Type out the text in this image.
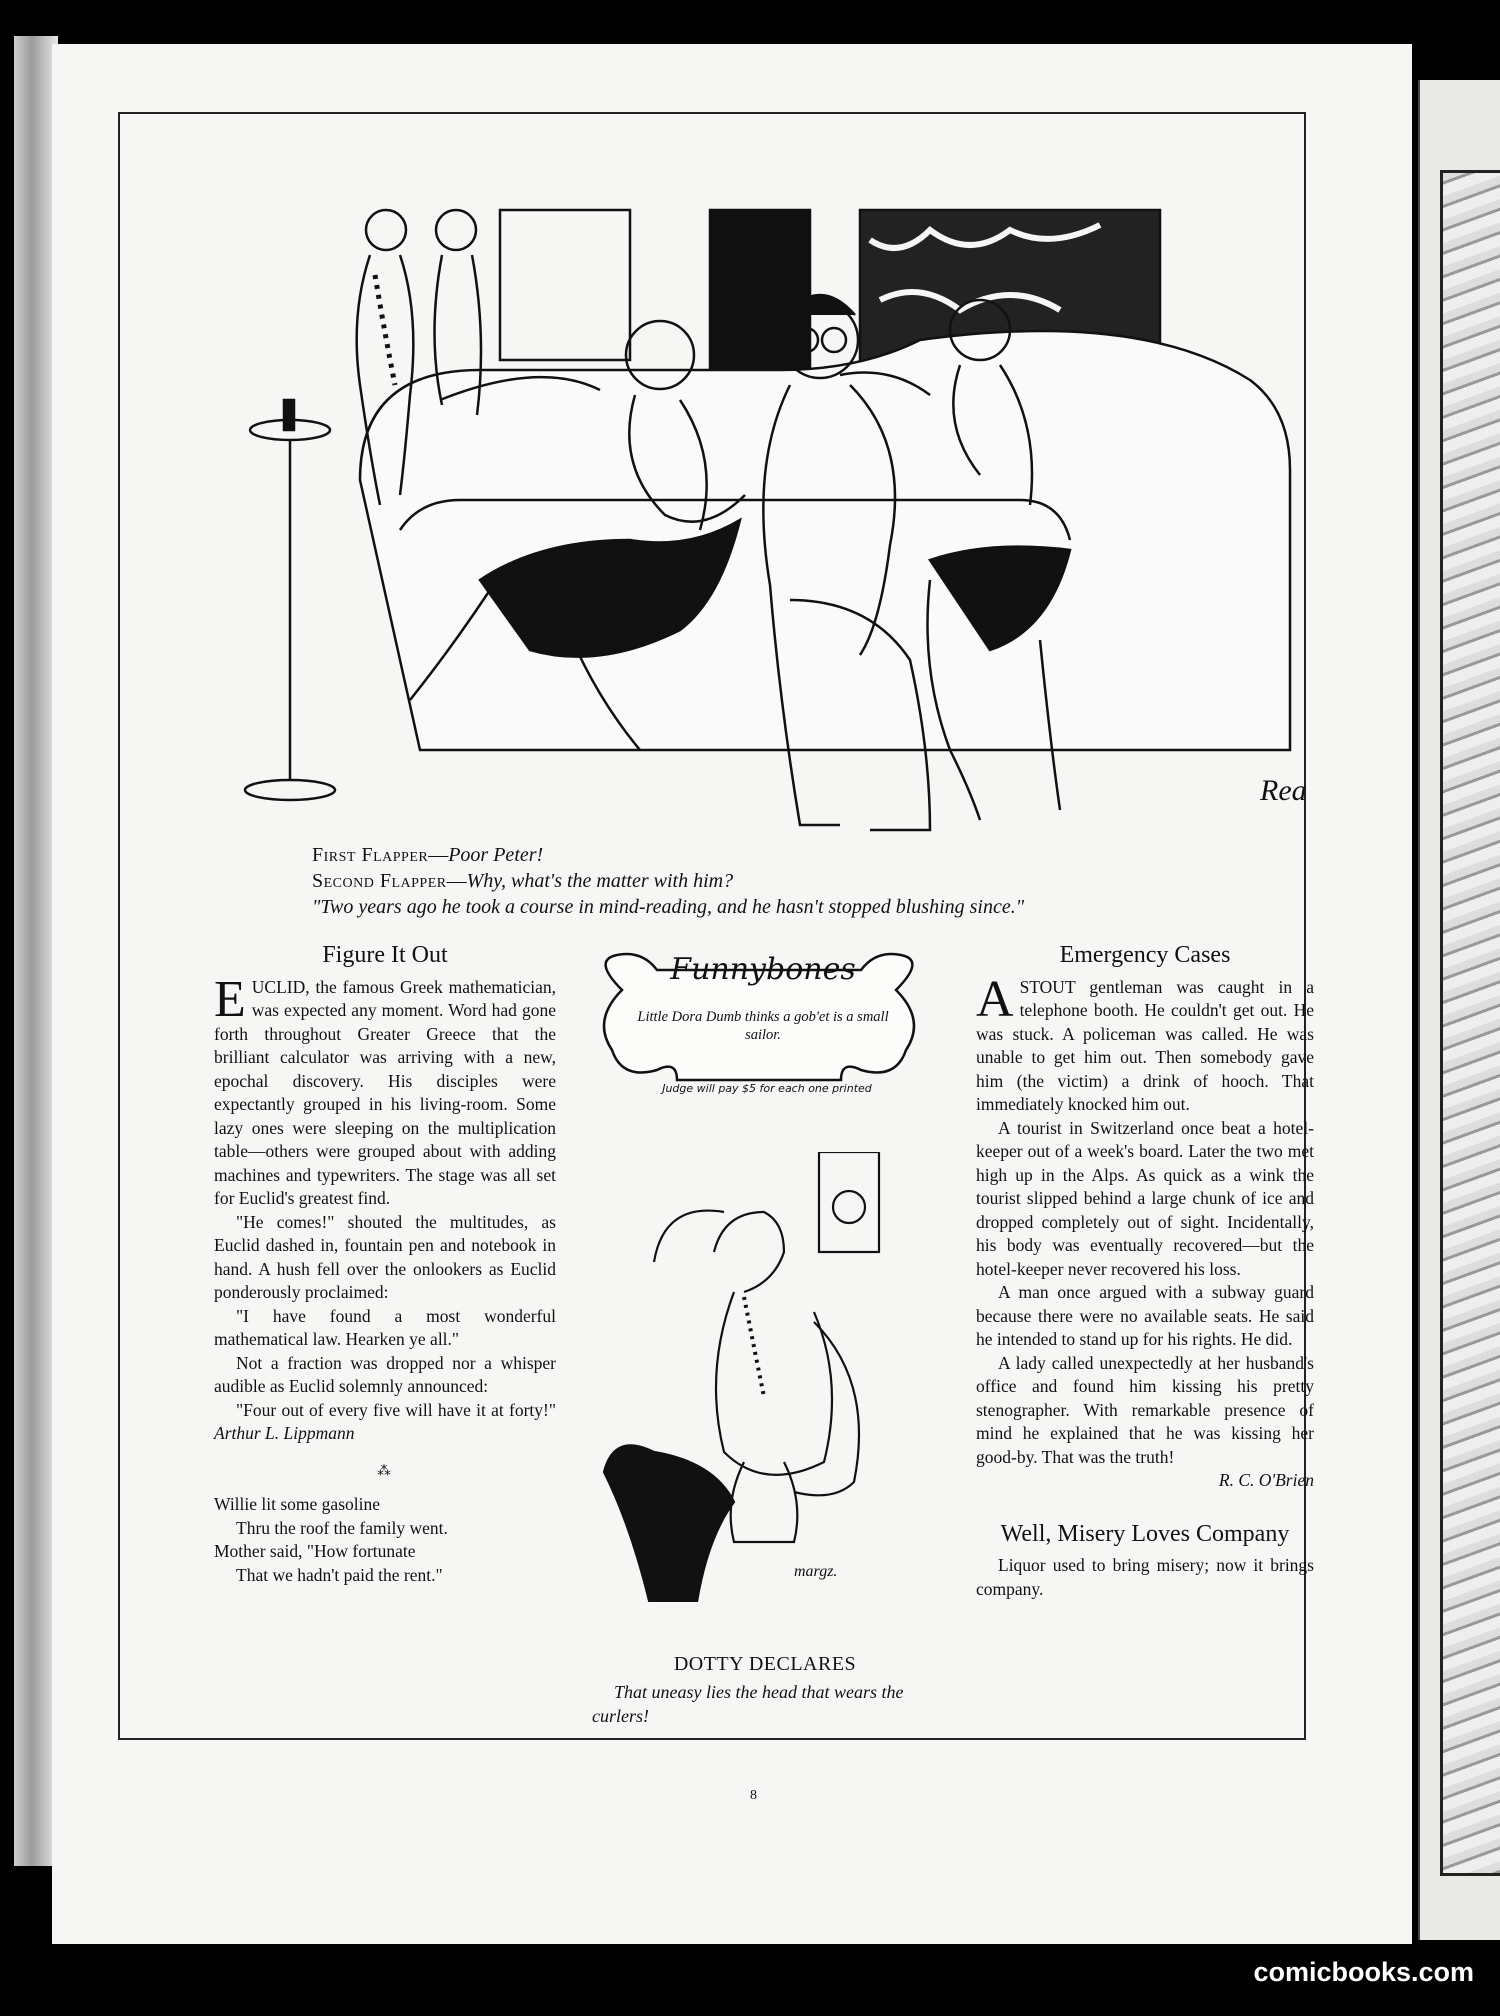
Rea
First Flapper—Poor Peter!
Second Flapper—Why, what's the matter with him?
"Two years ago he took a course in mind-reading, and he hasn't stopped blushing since."
Figure It Out

EUCLID, the famous Greek mathematician, was expected any moment. Word had gone forth throughout Greater Greece that the brilliant calculator was arriving with a new, epochal discovery. His disciples were expectantly grouped in his living-room. Some lazy ones were sleeping on the multiplication table—others were grouped about with adding machines and typewriters. The stage was all set for Euclid's greatest find.

"He comes!" shouted the multitudes, as Euclid dashed in, fountain pen and notebook in hand. A hush fell over the onlookers as Euclid ponderously proclaimed:

"I have found a most wonderful mathematical law. Hearken ye all."

Not a fraction was dropped nor a whisper audible as Euclid solemnly announced:

"Four out of every five will have it at forty!" Arthur L. Lippmann

⁂

Willie lit some gasoline

Thru the roof the family went.

Mother said, "How fortunate

That we hadn't paid the rent."

Funnybones
Little Dora Dumb thinks a gob'et is a small sailor.
Judge will pay $5 for each one printed
margz.
DOTTY DECLARES

That uneasy lies the head that wears the curlers!

Emergency Cases

ASTOUT gentleman was caught in a telephone booth. He couldn't get out. He was stuck. A policeman was called. He was unable to get him out. Then somebody gave him (the victim) a drink of hooch. That immediately knocked him out.

A tourist in Switzerland once beat a hotel-keeper out of a week's board. Later the two met high up in the Alps. As quick as a wink the tourist slipped behind a large chunk of ice and dropped completely out of sight. Incidentally, his body was eventually recovered—but the hotel-keeper never recovered his loss.

A man once argued with a subway guard because there were no available seats. He said he intended to stand up for his rights. He did.

A lady called unexpectedly at her husband's office and found him kissing his pretty stenographer. With remarkable presence of mind he explained that he was kissing her good-by. That was the truth!

R. C. O'Brien
Well, Misery Loves Company

Liquor used to bring misery; now it brings company.

8
comicbooks.com
